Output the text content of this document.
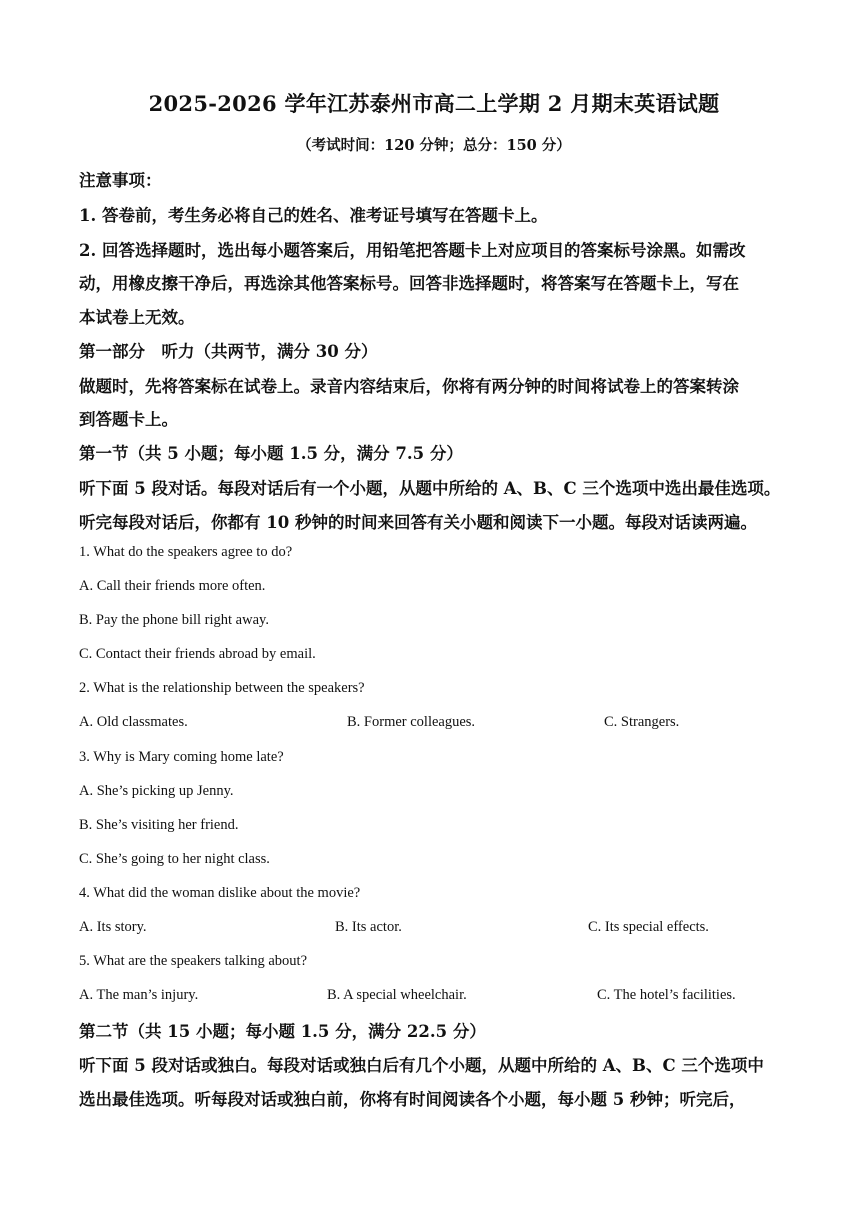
2025-2026 学年江苏泰州市高二上学期 2 月期末英语试题
（考试时间：120 分钟；总分：150 分）
注意事项：
1. 答卷前，考生务必将自己的姓名、准考证号填写在答题卡上。
2. 回答选择题时，选出每小题答案后，用铅笔把答题卡上对应项目的答案标号涂黑。如需改
动，用橡皮擦干净后，再选涂其他答案标号。回答非选择题时，将答案写在答题卡上，写在
本试卷上无效。
第一部分　听力（共两节，满分 30 分）
做题时，先将答案标在试卷上。录音内容结束后，你将有两分钟的时间将试卷上的答案转涂
到答题卡上。
第一节（共 5 小题；每小题 1.5 分，满分 7.5 分）
听下面 5 段对话。每段对话后有一个小题，从题中所给的 A、B、C 三个选项中选出最佳选项。
听完每段对话后，你都有 10 秒钟的时间来回答有关小题和阅读下一小题。每段对话读两遍。
1. What do the speakers agree to do?
A. Call their friends more often.
B. Pay the phone bill right away.
C. Contact their friends abroad by email.
2. What is the relationship between the speakers?
A. Old classmates.	B. Former colleagues.	C. Strangers.
3. Why is Mary coming home late?
A. She’s picking up Jenny.
B. She’s visiting her friend.
C. She’s going to her night class.
4. What did the woman dislike about the movie?
A. Its story.	B. Its actor.	C. Its special effects.
5. What are the speakers talking about?
A. The man’s injury.	B. A special wheelchair.	C. The hotel’s facilities.
第二节（共 15 小题；每小题 1.5 分，满分 22.5 分）
听下面 5 段对话或独白。每段对话或独白后有几个小题，从题中所给的 A、B、C 三个选项中
选出最佳选项。听每段对话或独白前，你将有时间阅读各个小题，每小题 5 秒钟；听完后，
